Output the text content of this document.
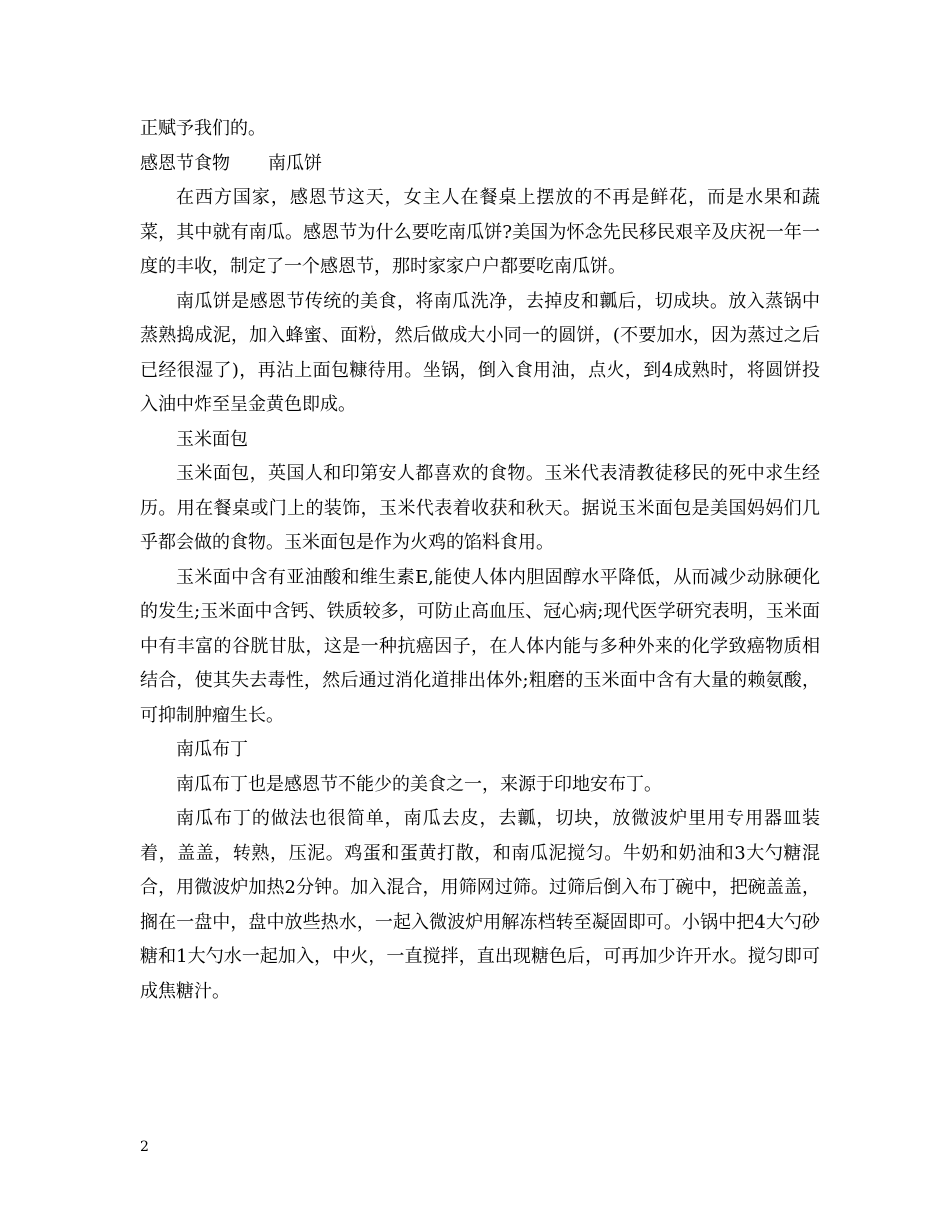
正赋予我们的。

感恩节食物 南瓜饼

在西方国家，感恩节这天，女主人在餐桌上摆放的不再是鲜花，而是水果和蔬菜，其中就有南瓜。感恩节为什么要吃南瓜饼?美国为怀念先民移民艰辛及庆祝一年一度的丰收，制定了一个感恩节，那时家家户户都要吃南瓜饼。

南瓜饼是感恩节传统的美食，将南瓜洗净，去掉皮和瓤后，切成块。放入蒸锅中蒸熟捣成泥，加入蜂蜜、面粉，然后做成大小同一的圆饼，(不要加水，因为蒸过之后已经很湿了)，再沾上面包糠待用。坐锅，倒入食用油，点火，到4成熟时，将圆饼投入油中炸至呈金黄色即成。

玉米面包

玉米面包，英国人和印第安人都喜欢的食物。玉米代表清教徒移民的死中求生经历。用在餐桌或门上的装饰，玉米代表着收获和秋天。据说玉米面包是美国妈妈们几乎都会做的食物。玉米面包是作为火鸡的馅料食用。

玉米面中含有亚油酸和维生素E,能使人体内胆固醇水平降低，从而减少动脉硬化的发生;玉米面中含钙、铁质较多，可防止高血压、冠心病;现代医学研究表明，玉米面中有丰富的谷胱甘肽，这是一种抗癌因子，在人体内能与多种外来的化学致癌物质相结合，使其失去毒性，然后通过消化道排出体外;粗磨的玉米面中含有大量的赖氨酸，可抑制肿瘤生长。

南瓜布丁

南瓜布丁也是感恩节不能少的美食之一，来源于印地安布丁。

南瓜布丁的做法也很简单，南瓜去皮，去瓤，切块，放微波炉里用专用器皿装着，盖盖，转熟，压泥。鸡蛋和蛋黄打散，和南瓜泥搅匀。牛奶和奶油和3大勺糖混合，用微波炉加热2分钟。加入混合，用筛网过筛。过筛后倒入布丁碗中，把碗盖盖，搁在一盘中，盘中放些热水，一起入微波炉用解冻档转至凝固即可。小锅中把4大勺砂糖和1大勺水一起加入，中火，一直搅拌，直出现糖色后，可再加少许开水。搅匀即可成焦糖汁。

2
